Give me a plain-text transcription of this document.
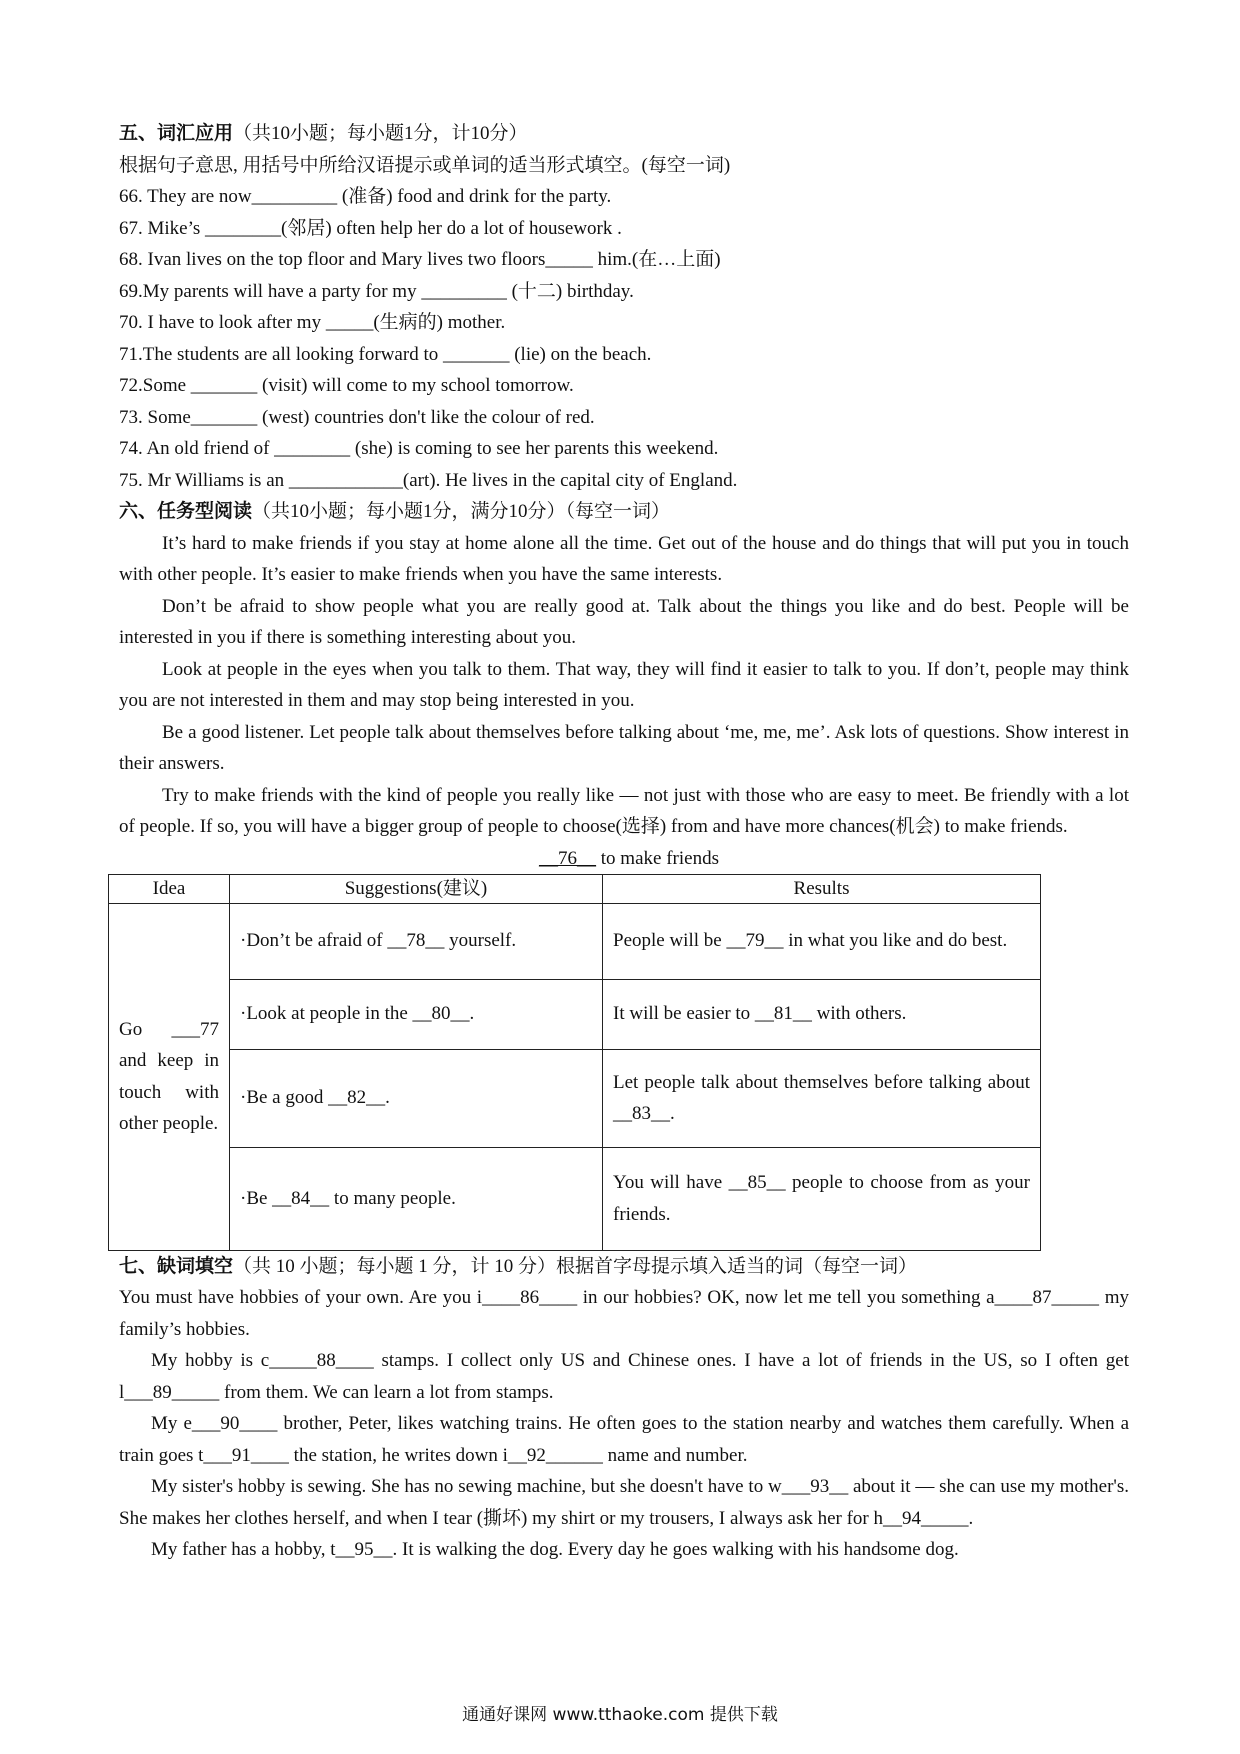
五、词汇应用（共10小题；每小题1分，计10分）
根据句子意思, 用括号中所给汉语提示或单词的适当形式填空。(每空一词)
66. They are now_________ (准备) food and drink for the party.
67. Mike’s ________(邻居) often help her do a lot of housework .
68. Ivan lives on the top floor and Mary lives two floors_____ him.(在…上面)
69.My parents will have a party for my _________ (十二) birthday.
70. I have to look after my _____(生病的) mother.
71.The students are all looking forward to _______ (lie) on the beach.
72.Some _______ (visit) will come to my school tomorrow.
73. Some_______ (west) countries don't like the colour of red.
74. An old friend of ________ (she) is coming to see her parents this weekend.
75. Mr Williams is an ____________(art). He lives in the capital city of England.
六、任务型阅读（共10小题；每小题1分，满分10分）（每空一词）

It’s hard to make friends if you stay at home alone all the time. Get out of the house and do things that will put you in touch with other people. It’s easier to make friends when you have the same interests.

Don’t be afraid to show people what you are really good at. Talk about the things you like and do best. People will be interested in you if there is something interesting about you.

Look at people in the eyes when you talk to them. That way, they will find it easier to talk to you. If don’t, people may think you are not interested in them and may stop being interested in you.

Be a good listener. Let people talk about themselves before talking about ‘me, me, me’. Ask lots of questions. Show interest in their answers.

Try to make friends with the kind of people you really like — not just with those who are easy to meet. Be friendly with a lot of people. If so, you will have a bigger group of people to choose(选择) from and have more chances(机会) to make friends.

__76__ to make friends
Idea	Suggestions(建议)	Results
Go ___77 and keep in touch with other people.	·Don’t be afraid of __78__ yourself.	People will be __79__ in what you like and do best.
	·Look at people in the __80__.	It will be easier to __81__ with others.
	·Be a good __82__.	Let people talk about themselves before talking about __83__.
	·Be __84__ to many people.	You will have __85__ people to choose from as your friends.
七、缺词填空（共 10 小题；每小题 1 分，计 10 分）根据首字母提示填入适当的词（每空一词）

You must have hobbies of your own. Are you i____86____ in our hobbies? OK, now let me tell you something a____87_____ my family’s hobbies.

My hobby is c_____88____ stamps. I collect only US and Chinese ones. I have a lot of friends in the US, so I often get l___89_____ from them. We can learn a lot from stamps.

My e___90____ brother, Peter, likes watching trains. He often goes to the station nearby and watches them carefully. When a train goes t___91____ the station, he writes down i__92______ name and number.

My sister's hobby is sewing. She has no sewing machine, but she doesn't have to w___93__ about it — she can use my mother's. She makes her clothes herself, and when I tear (撕坏) my shirt or my trousers, I always ask her for h__94_____.

My father has a hobby, t__95__. It is walking the dog. Every day he goes walking with his handsome dog.

通通好课网 www.tthaoke.com 提供下载
